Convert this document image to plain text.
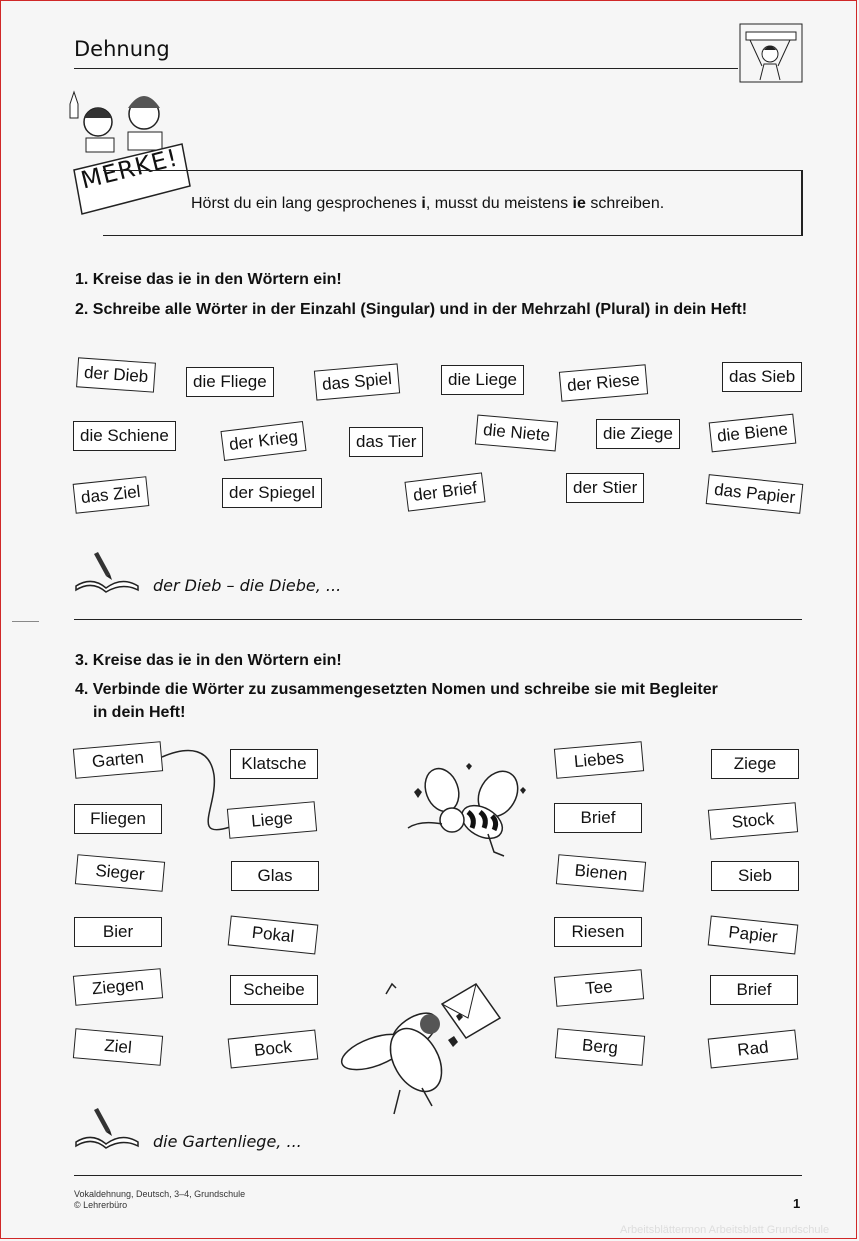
Dehnung
MERKE!
Hörst du ein lang gesprochenes i, musst du meistens ie schreiben.
1. Kreise das ie in den Wörtern ein!
2. Schreibe alle Wörter in der Einzahl (Singular) und in der Mehrzahl (Plural) in dein Heft!
der Dieb	die Fliege	das Spiel	die Liege	der Riese	das Sieb
die Schiene	der Krieg	das Tier	die Niete	die Ziege	die Biene
das Ziel	der Spiegel	der Brief	der Stier	das Papier
der Dieb – die Diebe, ...
3. Kreise das ie in den Wörtern ein!
4. Verbinde die Wörter zu zusammengesetzten Nomen und schreibe sie mit Begleiter
in dein Heft!
Garten
Fliegen
Sieger
Bier
Ziegen
Ziel
Klatsche
Liege
Glas
Pokal
Scheibe
Bock
Liebes
Brief
Bienen
Riesen
Tee
Berg
Ziege
Stock
Sieb
Papier
Brief
Rad
die Gartenliege, ...
Vokaldehnung, Deutsch, 3–4, Grundschule
© Lehrerbüro	1
Arbeitsblättermon Arbeitsblatt Grundschule
